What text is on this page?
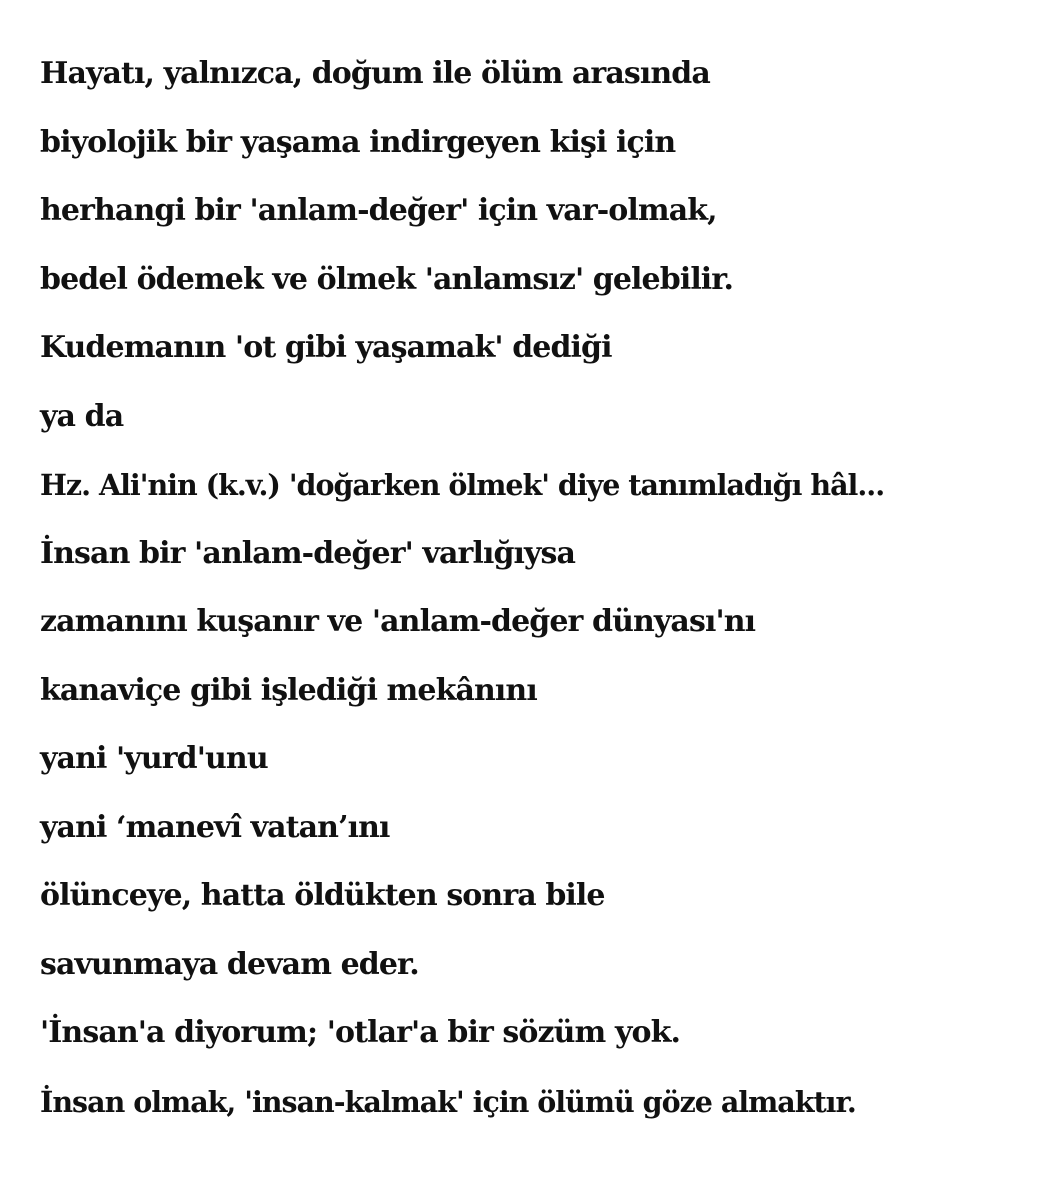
Hayatı, yalnızca, doğum ile ölüm arasında
biyolojik bir yaşama indirgeyen kişi için
herhangi bir 'anlam-değer' için var-olmak,
bedel ödemek ve ölmek 'anlamsız' gelebilir.
Kudemanın 'ot gibi yaşamak' dediği
ya da
Hz. Ali'nin (k.v.) 'doğarken ölmek' diye tanımladığı hâl...
İnsan bir 'anlam-değer' varlığıysa
zamanını kuşanır ve 'anlam-değer dünyası'nı
kanaviçe gibi işlediği mekânını
yani 'yurd'unu
yani ‘manevî vatan’ını
ölünceye, hatta öldükten sonra bile
savunmaya devam eder.
'İnsan'a diyorum; 'otlar'a bir sözüm yok.
İnsan olmak, 'insan-kalmak' için ölümü göze almaktır.
